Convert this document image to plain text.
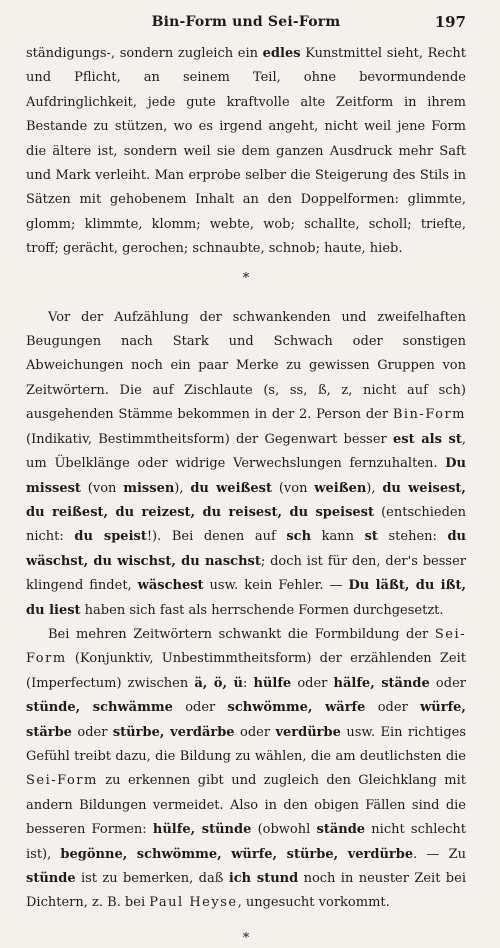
Bin-Form und Sei-Form	197

ständigungs-, sondern zugleich ein edles Kunstmittel sieht, Recht und Pflicht, an seinem Teil, ohne bevormundende Aufdringlichkeit, jede gute kraftvolle alte Zeitform in ihrem Bestande zu stützen, wo es irgend angeht, nicht weil jene Form die ältere ist, sondern weil sie dem ganzen Ausdruck mehr Saft und Mark verleiht. Man erprobe selber die Steigerung des Stils in Sätzen mit gehobenem Inhalt an den Doppelformen: glimmte, glomm; klimmte, klomm; webte, wob; schallte, scholl; triefte, troff; gerächt, gerochen; schnaubte, schnob; haute, hieb.

*

Vor der Aufzählung der schwankenden und zweifelhaften Beugungen nach Stark und Schwach oder sonstigen Abweichungen noch ein paar Merke zu gewissen Gruppen von Zeitwörtern. Die auf Zischlaute (s, ss, ß, z, nicht auf sch) ausgehenden Stämme bekommen in der 2. Person der Bin-Form (Indikativ, Bestimmtheitsform) der Gegenwart besser est als st, um Übelklänge oder widrige Verwechslungen fernzuhalten. Du missest (von missen), du weißest (von weißen), du weisest, du reißest, du reizest, du reisest, du speisest (entschieden nicht: du speist!). Bei denen auf sch kann st stehen: du wäschst, du wischst, du naschst; doch ist für den, der's besser klingend findet, wäschest usw. kein Fehler. — Du läßt, du ißt, du liest haben sich fast als herrschende Formen durchgesetzt.

Bei mehren Zeitwörtern schwankt die Formbildung der Sei-Form (Konjunktiv, Unbestimmtheitsform) der erzählenden Zeit (Imperfectum) zwischen ä, ö, ü: hülfe oder hälfe, stände oder stünde, schwämme oder schwömme, wärfe oder würfe, stärbe oder stürbe, verdärbe oder verdürbe usw. Ein richtiges Gefühl treibt dazu, die Bildung zu wählen, die am deutlichsten die Sei-Form zu erkennen gibt und zugleich den Gleichklang mit andern Bildungen vermeidet. Also in den obigen Fällen sind die besseren Formen: hülfe, stünde (obwohl stände nicht schlecht ist), begönne, schwömme, würfe, stürbe, verdürbe. — Zu stünde ist zu bemerken, daß ich stund noch in neuster Zeit bei Dichtern, z. B. bei Paul Heyse, ungesucht vorkommt.

*
